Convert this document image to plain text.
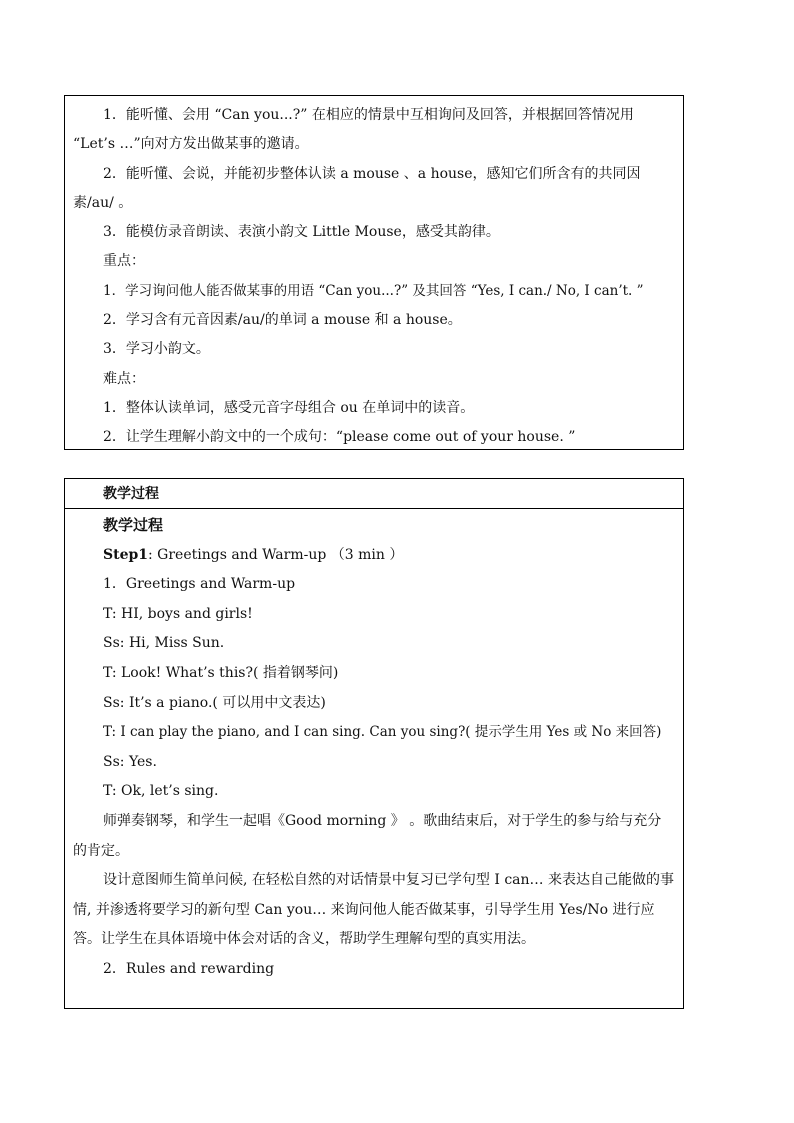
1．能听懂、会用 “Can you...?” 在相应的情景中互相询问及回答，并根据回答情况用 “Let’s …”向对方发出做某事的邀请。
2．能听懂、会说，并能初步整体认读 a mouse 、a house，感知它们所含有的共同因素/au/ 。
3．能模仿录音朗读、表演小韵文 Little Mouse，感受其韵律。
重点：
1．学习询问他人能否做某事的用语 “Can you...?” 及其回答 “Yes, I can./ No, I can’t. ”
2．学习含有元音因素/au/的单词 a mouse 和 a house。
3．学习小韵文。
难点：
1．整体认读单词，感受元音字母组合 ou 在单词中的读音。
2．让学生理解小韵文中的一个成句：“please come out of your house. ”
教学过程
教学过程
Step1: Greetings and Warm-up （3 min ）
1．Greetings and Warm-up
T: HI, boys and girls!
Ss: Hi, Miss Sun.
T: Look! What’s this?( 指着钢琴问)
Ss: It’s a piano.( 可以用中文表达)
T: I can play the piano, and I can sing. Can you sing?( 提示学生用 Yes 或 No 来回答)
Ss: Yes.
T: Ok, let’s sing.
师弹奏钢琴，和学生一起唱《Good morning 》 。歌曲结束后，对于学生的参与给与充分的肯定。
设计意图师生简单问候, 在轻松自然的对话情景中复习已学句型 I can… 来表达自己能做的事情, 并渗透将要学习的新句型 Can you… 来询问他人能否做某事，引导学生用 Yes/No 进行应答。让学生在具体语境中体会对话的含义，帮助学生理解句型的真实用法。
2．Rules and rewarding
